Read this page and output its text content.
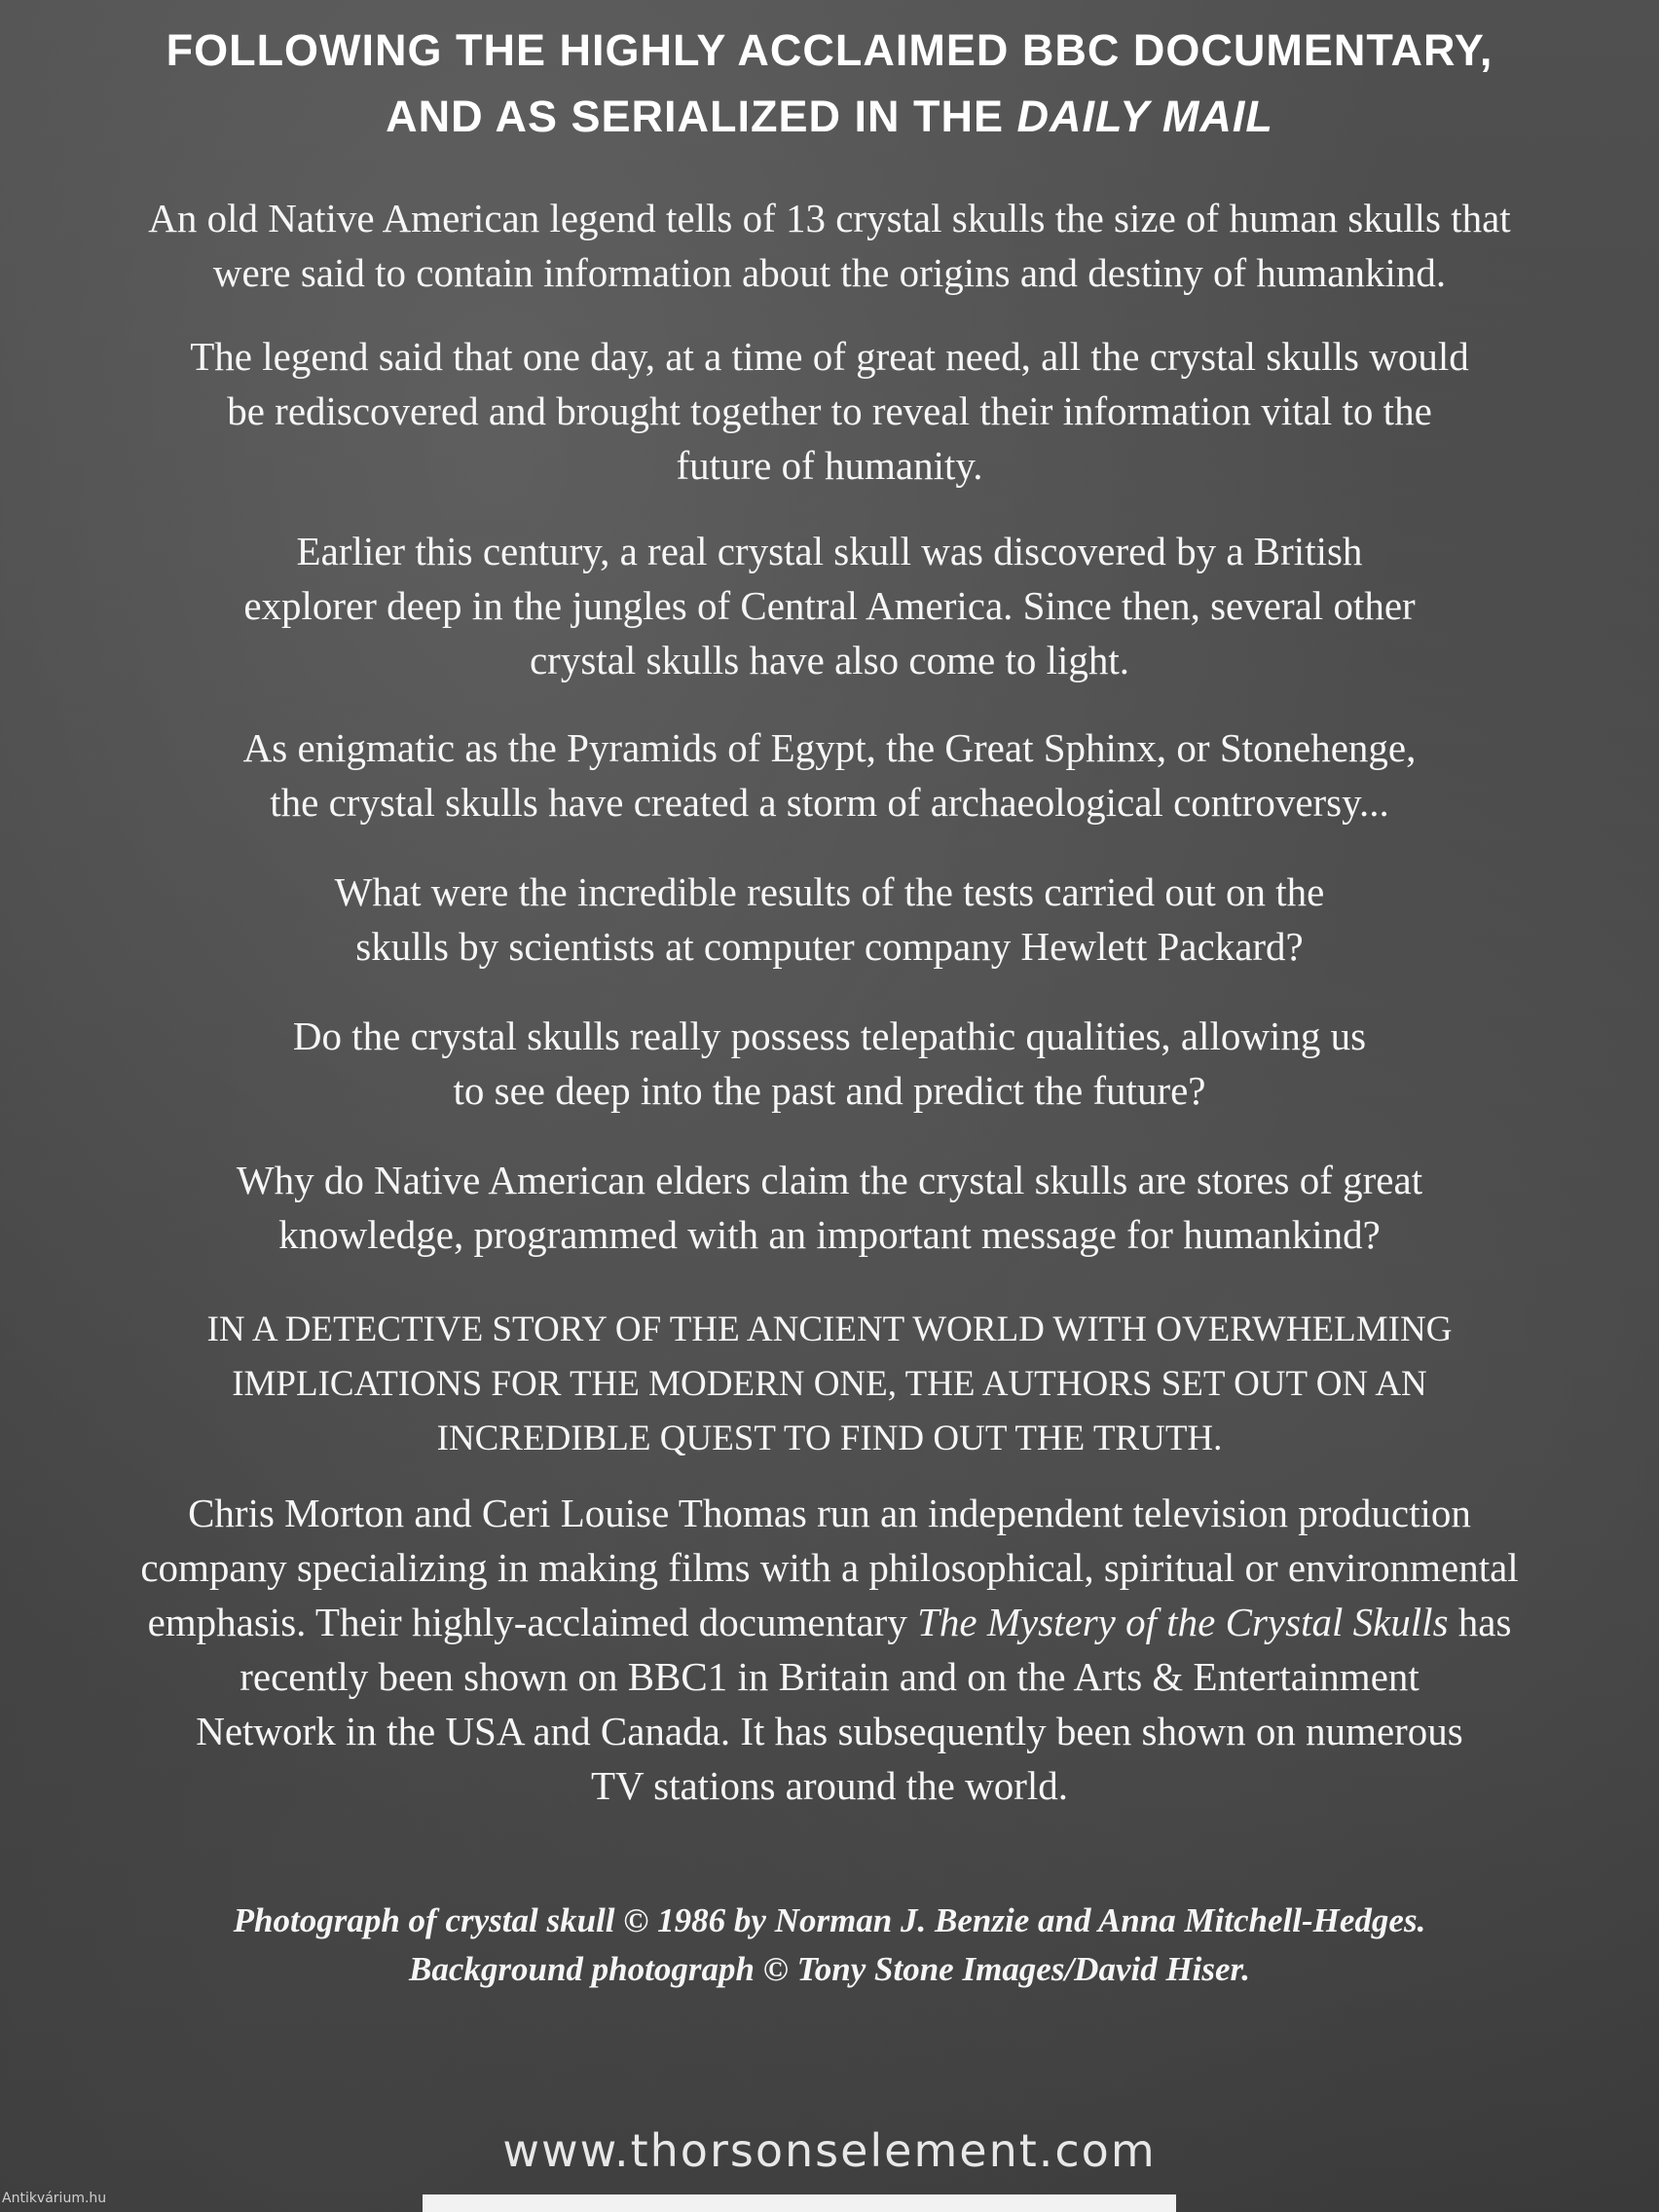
FOLLOWING THE HIGHLY ACCLAIMED BBC DOCUMENTARY,
AND AS SERIALIZED IN THE DAILY MAIL
An old Native American legend tells of 13 crystal skulls the size of human skulls that
were said to contain information about the origins and destiny of humankind.
The legend said that one day, at a time of great need, all the crystal skulls would
be rediscovered and brought together to reveal their information vital to the
future of humanity.
Earlier this century, a real crystal skull was discovered by a British
explorer deep in the jungles of Central America. Since then, several other
crystal skulls have also come to light.
As enigmatic as the Pyramids of Egypt, the Great Sphinx, or Stonehenge,
the crystal skulls have created a storm of archaeological controversy...
What were the incredible results of the tests carried out on the
skulls by scientists at computer company Hewlett Packard?
Do the crystal skulls really possess telepathic qualities, allowing us
to see deep into the past and predict the future?
Why do Native American elders claim the crystal skulls are stores of great
knowledge, programmed with an important message for humankind?
IN A DETECTIVE STORY OF THE ANCIENT WORLD WITH OVERWHELMING
IMPLICATIONS FOR THE MODERN ONE, THE AUTHORS SET OUT ON AN
INCREDIBLE QUEST TO FIND OUT THE TRUTH.
Chris Morton and Ceri Louise Thomas run an independent television production
company specializing in making films with a philosophical, spiritual or environmental
emphasis. Their highly-acclaimed documentary The Mystery of the Crystal Skulls has
recently been shown on BBC1 in Britain and on the Arts & Entertainment
Network in the USA and Canada. It has subsequently been shown on numerous
TV stations around the world.
Photograph of crystal skull © 1986 by Norman J. Benzie and Anna Mitchell-Hedges.
Background photograph © Tony Stone Images/David Hiser.
www.thorsonselement.com
Antikvárium.hu
